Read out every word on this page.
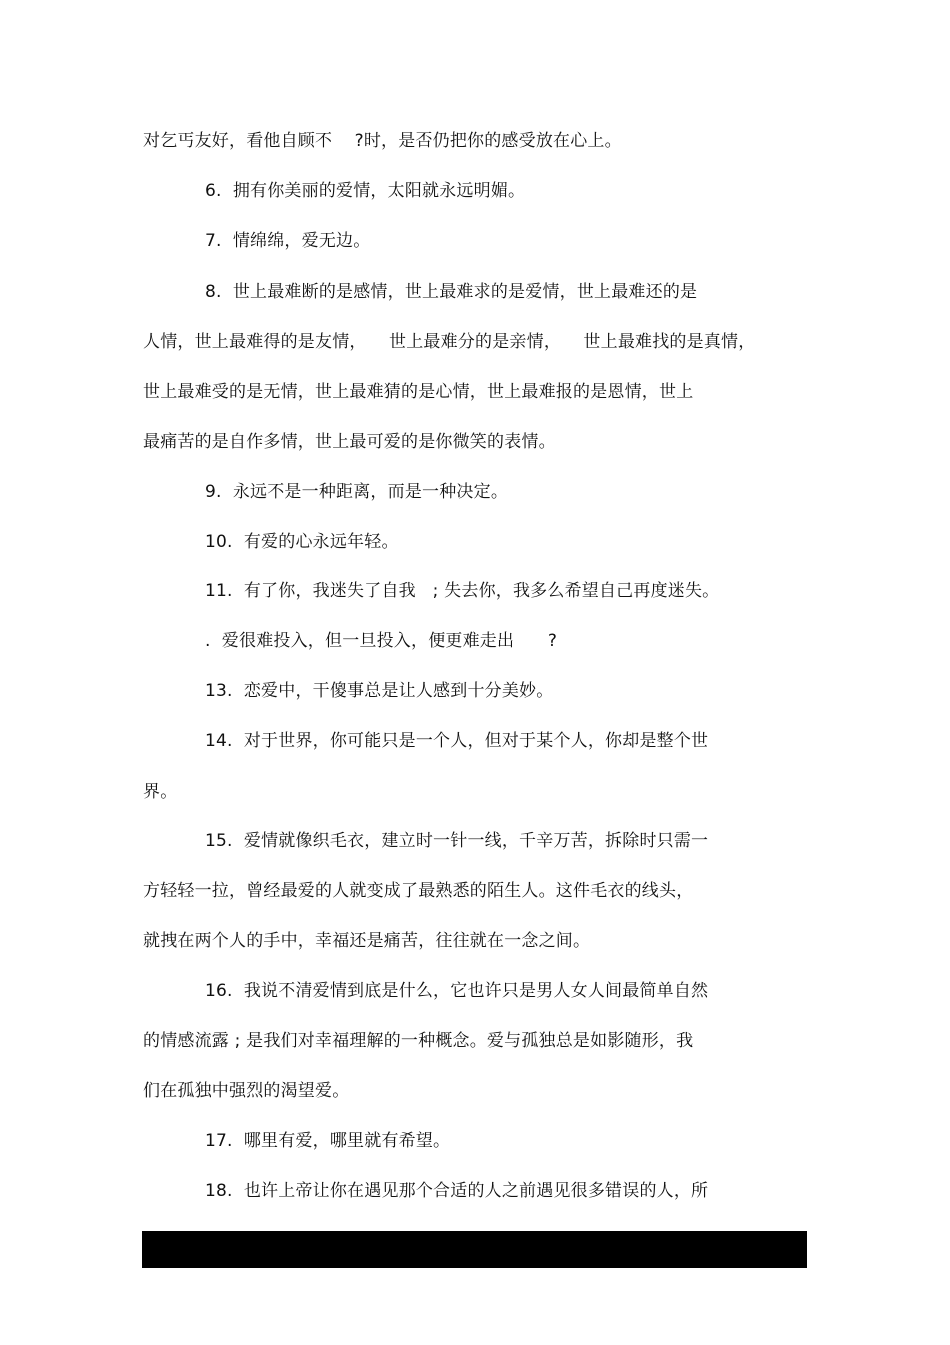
对乞丐友好，看他自顾不    ?时，是否仍把你的感受放在心上。
6.  拥有你美丽的爱情，太阳就永远明媚。
7.  情绵绵，爱无边。
8.  世上最难断的是感情，世上最难求的是爱情，世上最难还的是
人情，世上最难得的是友情，    世上最难分的是亲情，    世上最难找的是真情，
世上最难受的是无情，世上最难猜的是心情，世上最难报的是恩情，世上
最痛苦的是自作多情，世上最可爱的是你微笑的表情。
9.  永远不是一种距离，而是一种决定。
10.  有爱的心永远年轻。
11.  有了你，我迷失了自我   ; 失去你，我多么希望自己再度迷失。
.  爱很难投入，但一旦投入，便更难走出      ?
13.  恋爱中，干傻事总是让人感到十分美妙。
14.  对于世界，你可能只是一个人，但对于某个人，你却是整个世
界。
15.  爱情就像织毛衣，建立时一针一线，千辛万苦，拆除时只需一
方轻轻一拉，曾经最爱的人就变成了最熟悉的陌生人。这件毛衣的线头，
就拽在两个人的手中，幸福还是痛苦，往往就在一念之间。
16.  我说不清爱情到底是什么，它也许只是男人女人间最简单自然
的情感流露 ; 是我们对幸福理解的一种概念。爱与孤独总是如影随形，我
们在孤独中强烈的渴望爱。
17.  哪里有爱，哪里就有希望。
18.  也许上帝让你在遇见那个合适的人之前遇见很多错误的人，所
